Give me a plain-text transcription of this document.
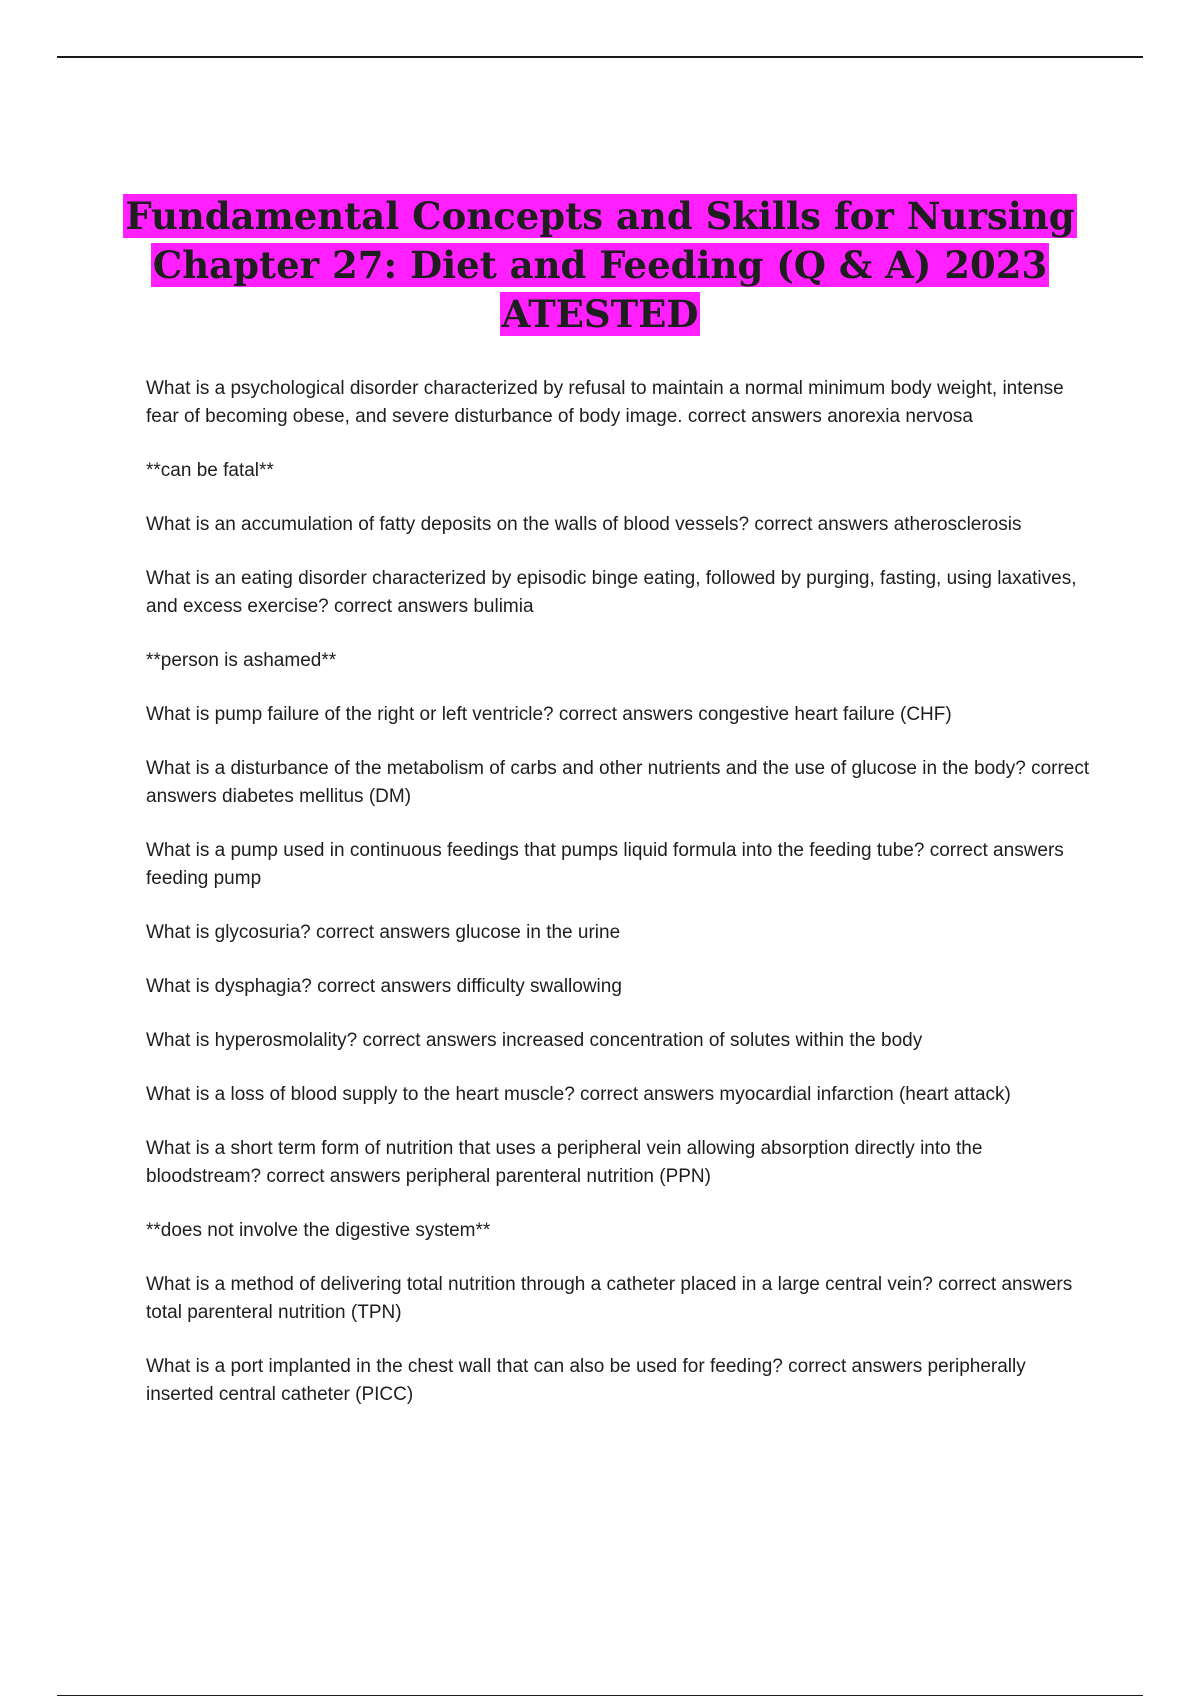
Fundamental Concepts and Skills for Nursing
Chapter 27: Diet and Feeding (Q & A) 2023
ATESTED

What is a psychological disorder characterized by refusal to maintain a normal minimum body weight, intense fear of becoming obese, and severe disturbance of body image. correct answers anorexia nervosa

**can be fatal**

What is an accumulation of fatty deposits on the walls of blood vessels? correct answers atherosclerosis

What is an eating disorder characterized by episodic binge eating, followed by purging, fasting, using laxatives, and excess exercise? correct answers bulimia

**person is ashamed**

What is pump failure of the right or left ventricle? correct answers congestive heart failure (CHF)

What is a disturbance of the metabolism of carbs and other nutrients and the use of glucose in the body? correct answers diabetes mellitus (DM)

What is a pump used in continuous feedings that pumps liquid formula into the feeding tube? correct answers feeding pump

What is glycosuria? correct answers glucose in the urine

What is dysphagia? correct answers difficulty swallowing

What is hyperosmolality? correct answers increased concentration of solutes within the body

What is a loss of blood supply to the heart muscle? correct answers myocardial infarction (heart attack)

What is a short term form of nutrition that uses a peripheral vein allowing absorption directly into the bloodstream? correct answers peripheral parenteral nutrition (PPN)

**does not involve the digestive system**

What is a method of delivering total nutrition through a catheter placed in a large central vein? correct answers total parenteral nutrition (TPN)

What is a port implanted in the chest wall that can also be used for feeding? correct answers peripherally inserted central catheter (PICC)
